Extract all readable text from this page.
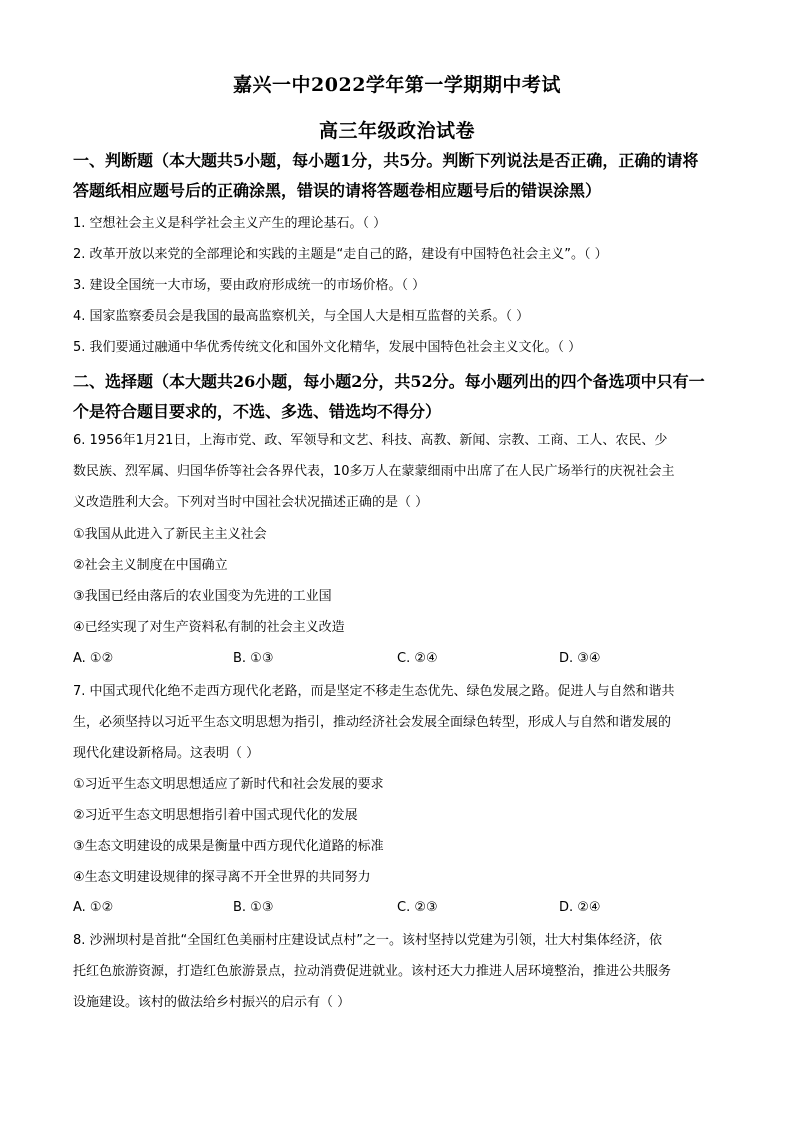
嘉兴一中2022学年第一学期期中考试
高三年级政治试卷
一、判断题（本大题共5小题，每小题1分，共5分。判断下列说法是否正确，正确的请将
答题纸相应题号后的正确涂黑，错误的请将答题卷相应题号后的错误涂黑）
1. 空想社会主义是科学社会主义产生的理论基石。（ ）
2. 改革开放以来党的全部理论和实践的主题是“走自己的路，建设有中国特色社会主义”。（ ）
3. 建设全国统一大市场，要由政府形成统一的市场价格。（ ）
4. 国家监察委员会是我国的最高监察机关，与全国人大是相互监督的关系。（ ）
5. 我们要通过融通中华优秀传统文化和国外文化精华，发展中国特色社会主义文化。（ ）
二、选择题（本大题共26小题，每小题2分，共52分。每小题列出的四个备选项中只有一
个是符合题目要求的，不选、多选、错选均不得分）
6. 1956年1月21日，上海市党、政、军领导和文艺、科技、高教、新闻、宗教、工商、工人、农民、少
数民族、烈军属、归国华侨等社会各界代表，10多万人在蒙蒙细雨中出席了在人民广场举行的庆祝社会主
义改造胜利大会。下列对当时中国社会状况描述正确的是（ ）
①我国从此进入了新民主主义社会
②社会主义制度在中国确立
③我国已经由落后的农业国变为先进的工业国
④已经实现了对生产资料私有制的社会主义改造
A. ①②	B. ①③	C. ②④	D. ③④
7. 中国式现代化绝不走西方现代化老路，而是坚定不移走生态优先、绿色发展之路。促进人与自然和谐共
生，必须坚持以习近平生态文明思想为指引，推动经济社会发展全面绿色转型，形成人与自然和谐发展的
现代化建设新格局。这表明（ ）
①习近平生态文明思想适应了新时代和社会发展的要求
②习近平生态文明思想指引着中国式现代化的发展
③生态文明建设的成果是衡量中西方现代化道路的标准
④生态文明建设规律的探寻离不开全世界的共同努力
A. ①②	B. ①③	C. ②③	D. ②④
8. 沙洲坝村是首批“全国红色美丽村庄建设试点村”之一。该村坚持以党建为引领，壮大村集体经济，依
托红色旅游资源，打造红色旅游景点，拉动消费促进就业。该村还大力推进人居环境整治，推进公共服务
设施建设。该村的做法给乡村振兴的启示有（ ）
